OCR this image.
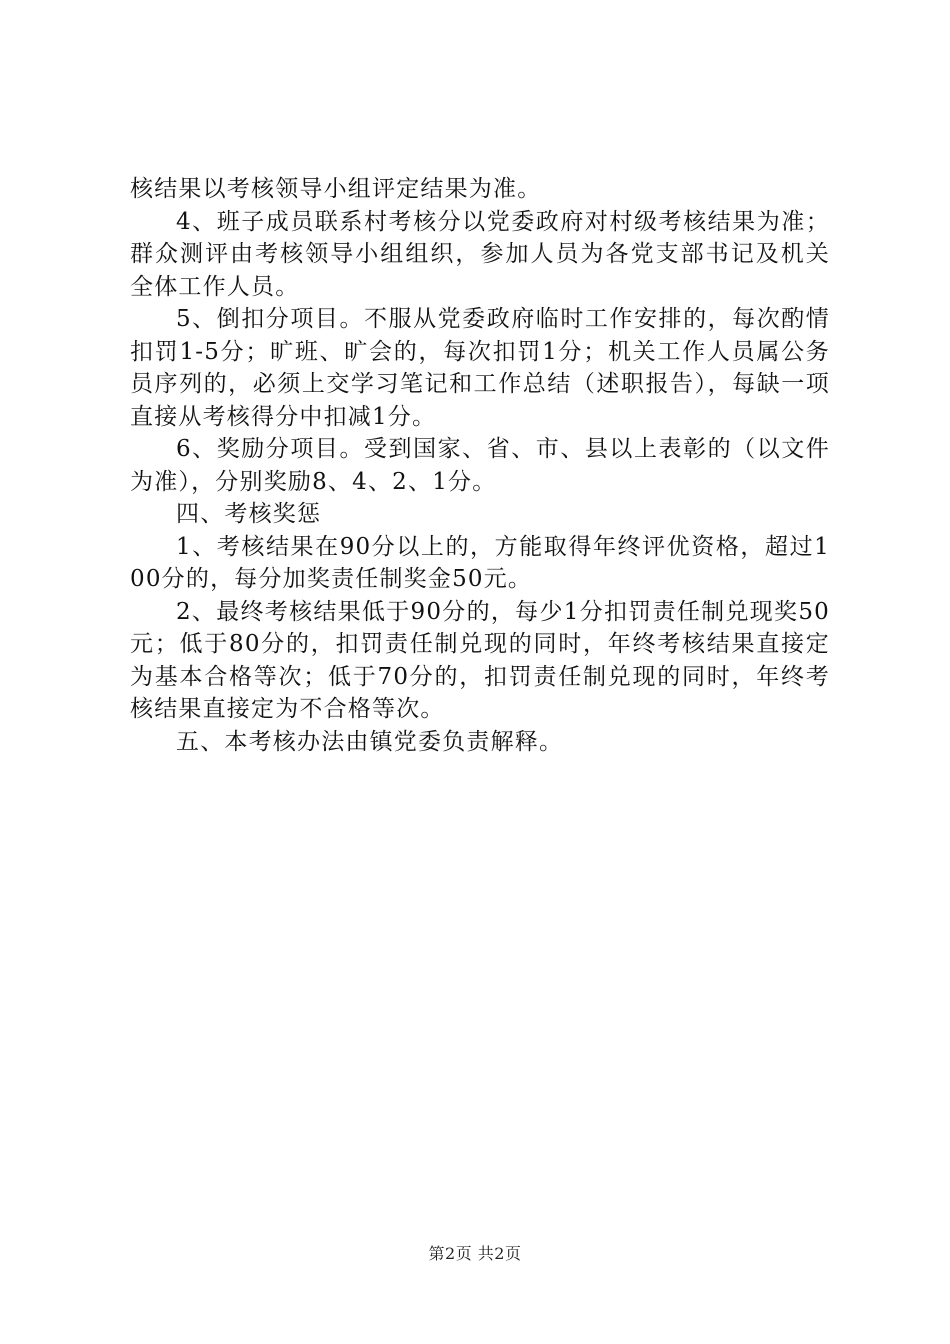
核结果以考核领导小组评定结果为准。

4、班子成员联系村考核分以党委政府对村级考核结果为准；群众测评由考核领导小组组织，参加人员为各党支部书记及机关全体工作人员。

5、倒扣分项目。不服从党委政府临时工作安排的，每次酌情扣罚1-5分；旷班、旷会的，每次扣罚1分；机关工作人员属公务员序列的，必须上交学习笔记和工作总结（述职报告），每缺一项直接从考核得分中扣减1分。

6、奖励分项目。受到国家、省、市、县以上表彰的（以文件为准），分别奖励8、4、2、1分。

四、考核奖惩

1、考核结果在90分以上的，方能取得年终评优资格，超过100分的，每分加奖责任制奖金50元。

2、最终考核结果低于90分的，每少1分扣罚责任制兑现奖50元；低于80分的，扣罚责任制兑现的同时，年终考核结果直接定为基本合格等次；低于70分的，扣罚责任制兑现的同时，年终考核结果直接定为不合格等次。

五、本考核办法由镇党委负责解释。

第2页 共2页
